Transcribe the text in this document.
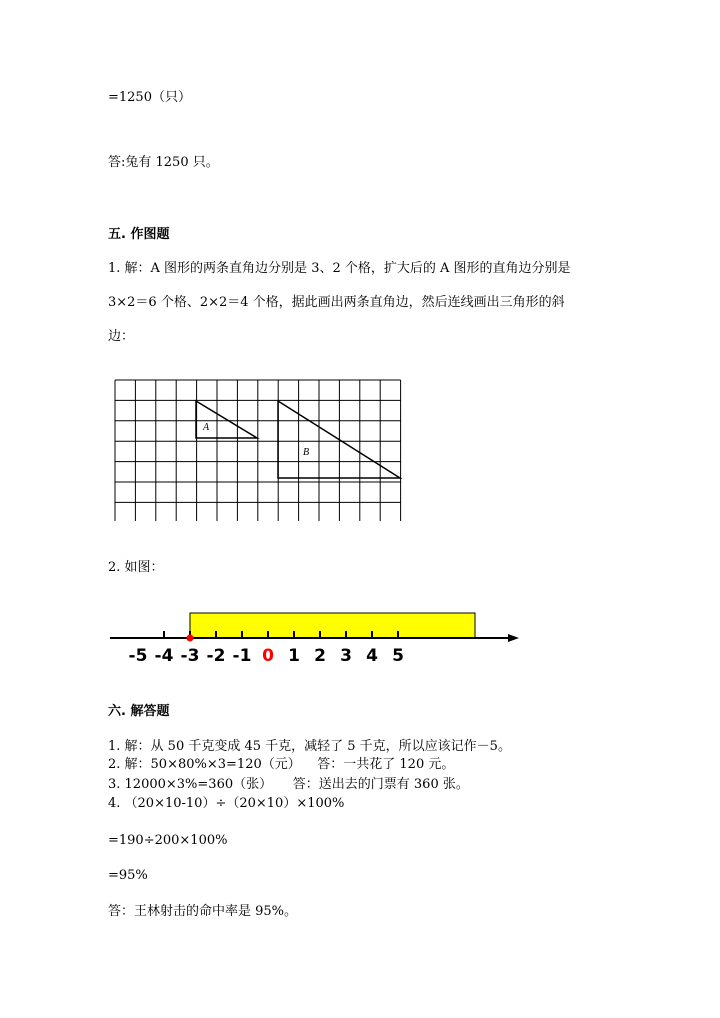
=1250（只）
答:兔有 1250 只。
五. 作图题
1. 解：A 图形的两条直角边分别是 3、2 个格，扩大后的 A 图形的直角边分别是
3×2＝6 个格、2×2＝4 个格，据此画出两条直角边，然后连线画出三角形的斜
边：
A
B
2. 如图：
-5 -4 -3 -2 -1 0 1 2 3 4 5
六. 解答题
1. 解：从 50 千克变成 45 千克，减轻了 5 千克，所以应该记作－5。
2. 解：50×80%×3=120（元）    答：一共花了 120 元。
3. 12000×3%=360（张）     答：送出去的门票有 360 张。
4. （20×10-10）÷（20×10）×100%
=190÷200×100%
=95%
答：王林射击的命中率是 95%。
